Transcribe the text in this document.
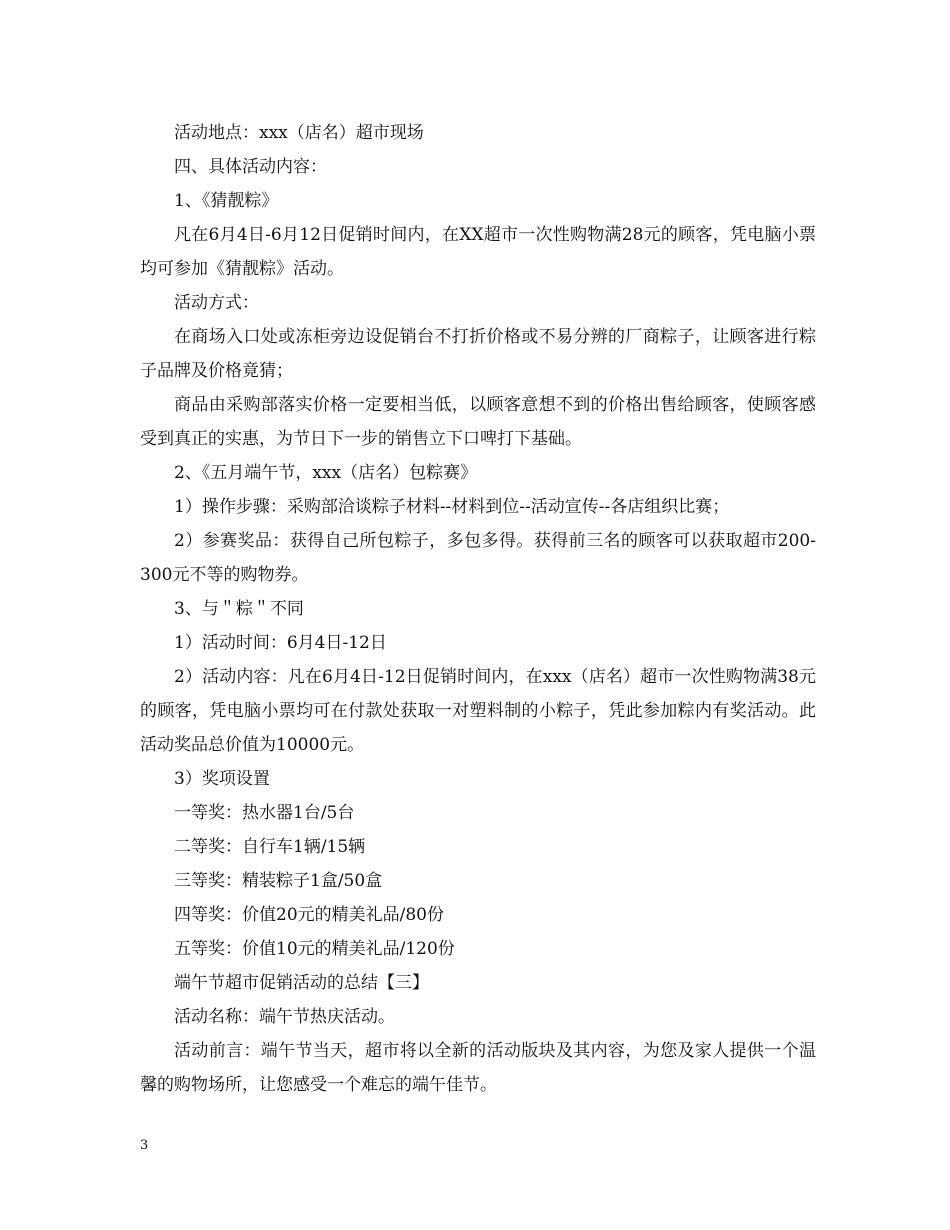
活动地点：xxx（店名）超市现场

四、具体活动内容：

1、《猜靓粽》

凡在6月4日-6月12日促销时间内，在XX超市一次性购物满28元的顾客，凭电脑小票均可参加《猜靓粽》活动。

活动方式：

在商场入口处或冻柜旁边设促销台不打折价格或不易分辨的厂商粽子，让顾客进行粽子品牌及价格竟猜；

商品由采购部落实价格一定要相当低，以顾客意想不到的价格出售给顾客，使顾客感受到真正的实惠，为节日下一步的销售立下口啤打下基础。

2、《五月端午节，xxx（店名）包粽赛》

1）操作步骤：采购部洽谈粽子材料--材料到位--活动宣传--各店组织比赛；

2）参赛奖品：获得自己所包粽子，多包多得。获得前三名的顾客可以获取超市200-300元不等的购物券。

3、与＂粽＂不同

1）活动时间：6月4日-12日

2）活动内容：凡在6月4日-12日促销时间内，在xxx（店名）超市一次性购物满38元的顾客，凭电脑小票均可在付款处获取一对塑料制的小粽子，凭此参加粽内有奖活动。此活动奖品总价值为10000元。

3）奖项设置

一等奖：热水器1台/5台

二等奖：自行车1辆/15辆

三等奖：精装粽子1盒/50盒

四等奖：价值20元的精美礼品/80份

五等奖：价值10元的精美礼品/120份

端午节超市促销活动的总结【三】

活动名称：端午节热庆活动。

活动前言：端午节当天，超市将以全新的活动版块及其内容，为您及家人提供一个温馨的购物场所，让您感受一个难忘的端午佳节。

3
